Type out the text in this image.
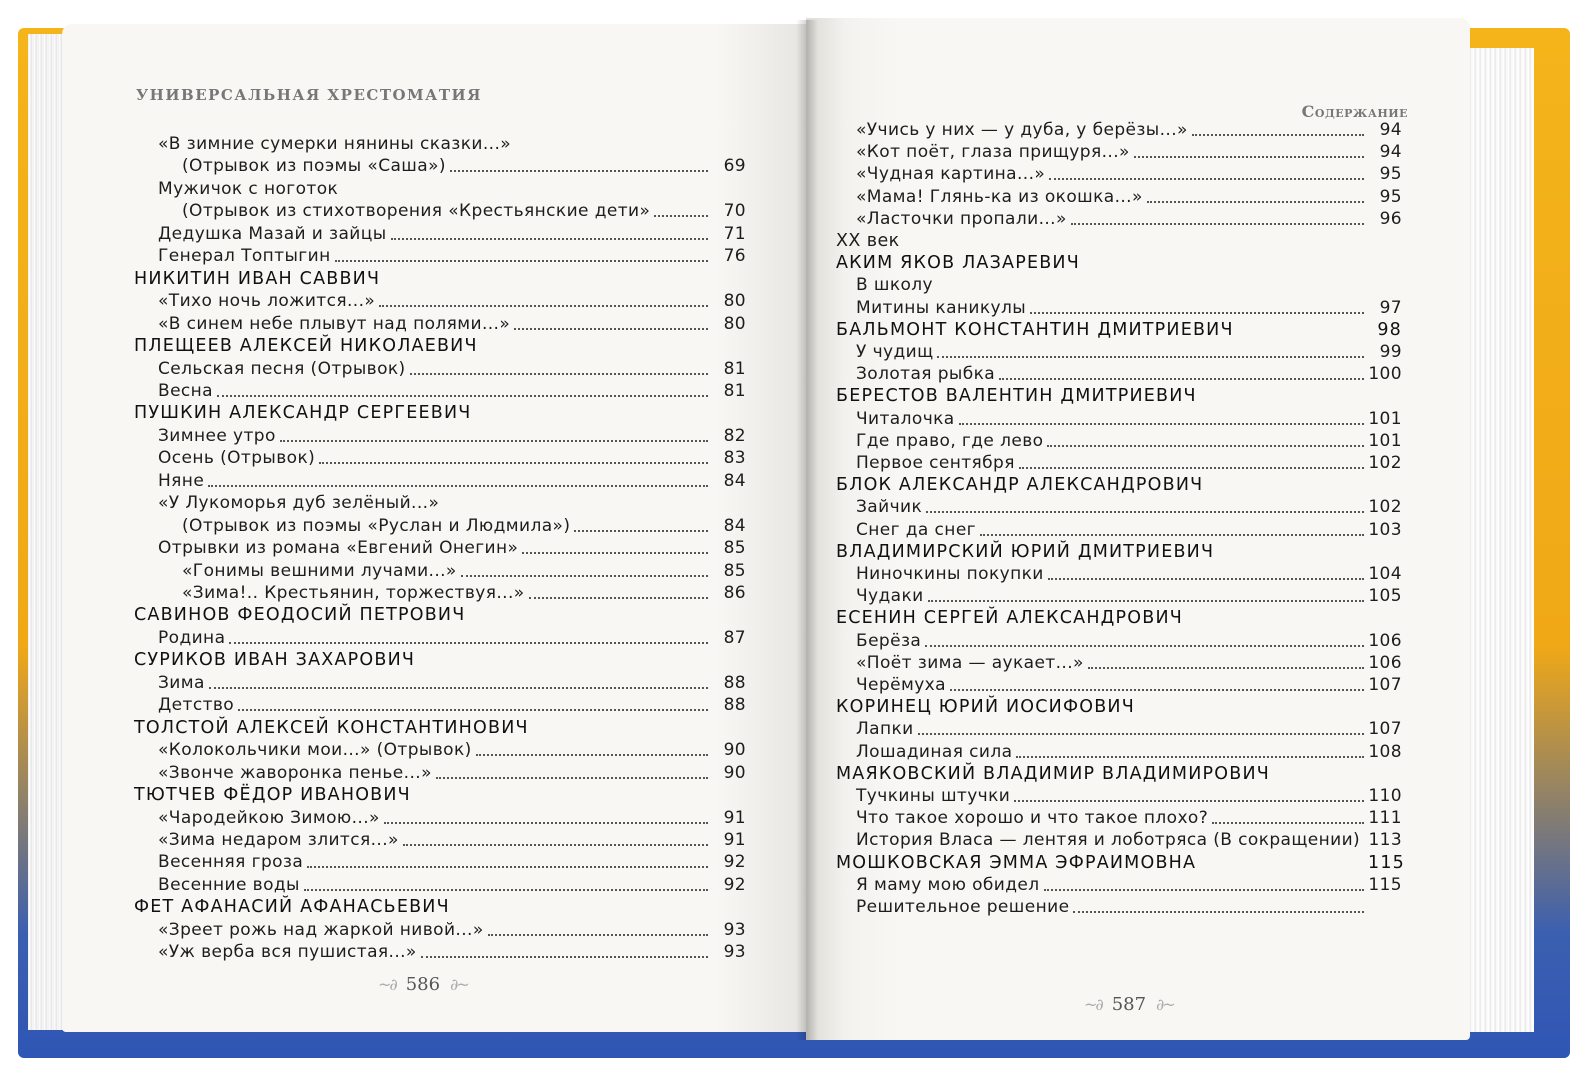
УНИВЕРСАЛЬНАЯ ХРЕСТОМАТИЯ
«В зимние сумерки нянины сказки...»
(Отрывок из поэмы «Саша»)	69
Мужичок с ноготок
(Отрывок из стихотворения «Крестьянские дети»	70
Дедушка Мазай и зайцы	71
Генерал Топтыгин	76
НИКИТИН ИВАН САВВИЧ
«Тихо ночь ложится...»	80
«В синем небе плывут над полями...»	80
ПЛЕЩЕЕВ АЛЕКСЕЙ НИКОЛАЕВИЧ
Сельская песня (Отрывок)	81
Весна	81
ПУШКИН АЛЕКСАНДР СЕРГЕЕВИЧ
Зимнее утро	82
Осень (Отрывок)	83
Няне	84
«У Лукоморья дуб зелёный...»
(Отрывок из поэмы «Руслан и Людмила»)	84
Отрывки из романа «Евгений Онегин»	85
«Гонимы вешними лучами...»	85
«Зима!.. Крестьянин, торжествуя...»	86
САВИНОВ ФЕОДОСИЙ ПЕТРОВИЧ
Родина	87
СУРИКОВ ИВАН ЗАХАРОВИЧ
Зима	88
Детство	88
ТОЛСТОЙ АЛЕКСЕЙ КОНСТАНТИНОВИЧ
«Колокольчики мои...» (Отрывок)	90
«Звонче жаворонка пенье...»	90
ТЮТЧЕВ ФЁДОР ИВАНОВИЧ
«Чародейкою Зимою...»	91
«Зима недаром злится...»	91
Весенняя гроза	92
Весенние воды	92
ФЕТ АФАНАСИЙ АФАНАСЬЕВИЧ
«Зреет рожь над жаркой нивой...»	93
«Уж верба вся пушистая...»	93
~∂ 586 ∂~
Содержание
«Учись у них — у дуба, у берёзы...»	94
«Кот поёт, глаза прищуря...»	94
«Чудная картина...»	95
«Мама! Глянь-ка из окошка...»	95
«Ласточки пропали...»	96
XX век
АКИМ ЯКОВ ЛАЗАРЕВИЧ
В школу
Митины каникулы	97
БАЛЬМОНТ КОНСТАНТИН ДМИТРИЕВИЧ	98
У чудищ	99
Золотая рыбка	100
БЕРЕСТОВ ВАЛЕНТИН ДМИТРИЕВИЧ
Читалочка	101
Где право, где лево	101
Первое сентября	102
БЛОК АЛЕКСАНДР АЛЕКСАНДРОВИЧ
Зайчик	102
Снег да снег	103
ВЛАДИМИРСКИЙ ЮРИЙ ДМИТРИЕВИЧ
Ниночкины покупки	104
Чудаки	105
ЕСЕНИН СЕРГЕЙ АЛЕКСАНДРОВИЧ
Берёза	106
«Поёт зима — аукает...»	106
Черёмуха	107
КОРИНЕЦ ЮРИЙ ИОСИФОВИЧ
Лапки	107
Лошадиная сила	108
МАЯКОВСКИЙ ВЛАДИМИР ВЛАДИМИРОВИЧ
Тучкины штучки	110
Что такое хорошо и что такое плохо?	111
История Власа — лентяя и лоботряса (В сокращении) 113
МОШКОВСКАЯ ЭММА ЭФРАИМОВНА	115
Я маму мою обидел	115
Решительное решение
~∂ 587 ∂~
